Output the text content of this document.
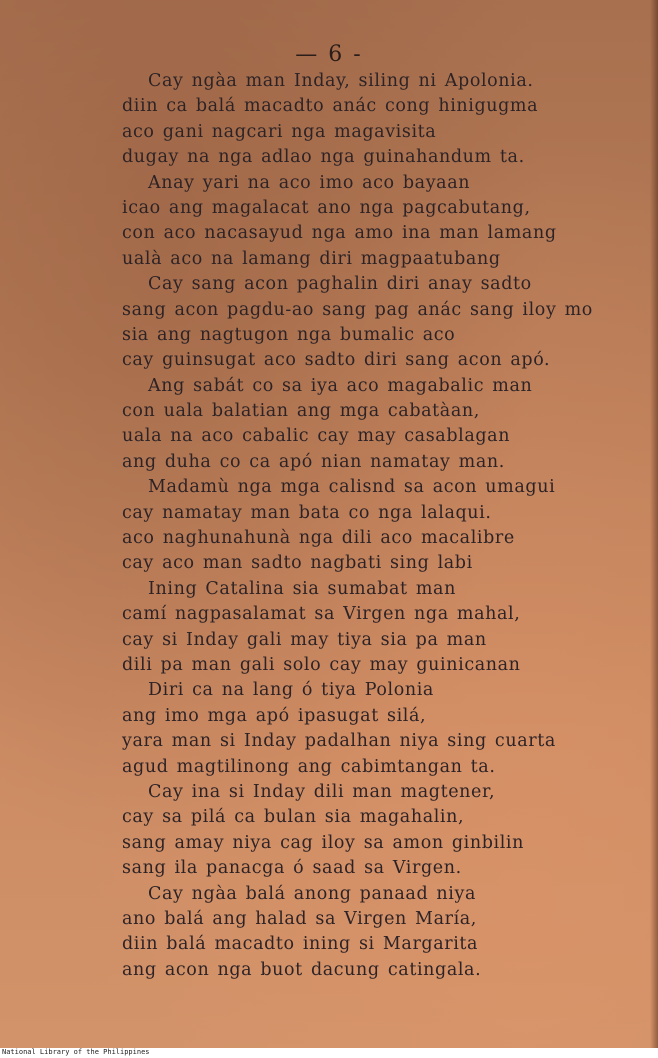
— 6 -
Cay ngàa man Inday, siling ni Apolonia.
diin ca balá macadto anác cong hinigugma
aco gani nagcari nga magavisita
dugay na nga adlao nga guinahandum ta.
Anay yari na aco imo aco bayaan
icao ang magalacat ano nga pagcabutang,
con aco nacasayud nga amo ina man lamang
ualà aco na lamang diri magpaatubang
Cay sang acon paghalin diri anay sadto
sang acon pagdu-ao sang pag anác sang iloy mo
sia ang nagtugon nga bumalic aco
cay guinsugat aco sadto diri sang acon apó.
Ang sabát co sa iya aco magabalic man
con uala balatian ang mga cabatàan,
uala na aco cabalic cay may casablagan
ang duha co ca apó nian namatay man.
Madamù nga mga calisnd sa acon umagui
cay namatay man bata co nga lalaqui.
aco naghunahunà nga dili aco macalibre
cay aco man sadto nagbati sing labi
Ining Catalina sia sumabat man
camí nagpasalamat sa Virgen nga mahal,
cay si Inday gali may tiya sia pa man
dili pa man gali solo cay may guinicanan
Diri ca na lang ó tiya Polonia
ang imo mga apó ipasugat silá,
yara man si Inday padalhan niya sing cuarta
agud magtilinong ang cabimtangan ta.
Cay ina si Inday dili man magtener,
cay sa pilá ca bulan sia magahalin,
sang amay niya cag iloy sa amon ginbilin
sang ila panacga ó saad sa Virgen.
Cay ngàa balá anong panaad niya
ano balá ang halad sa Virgen María,
diin balá macadto ining si Margarita
ang acon nga buot dacung catingala.
National Library of the Philippines
